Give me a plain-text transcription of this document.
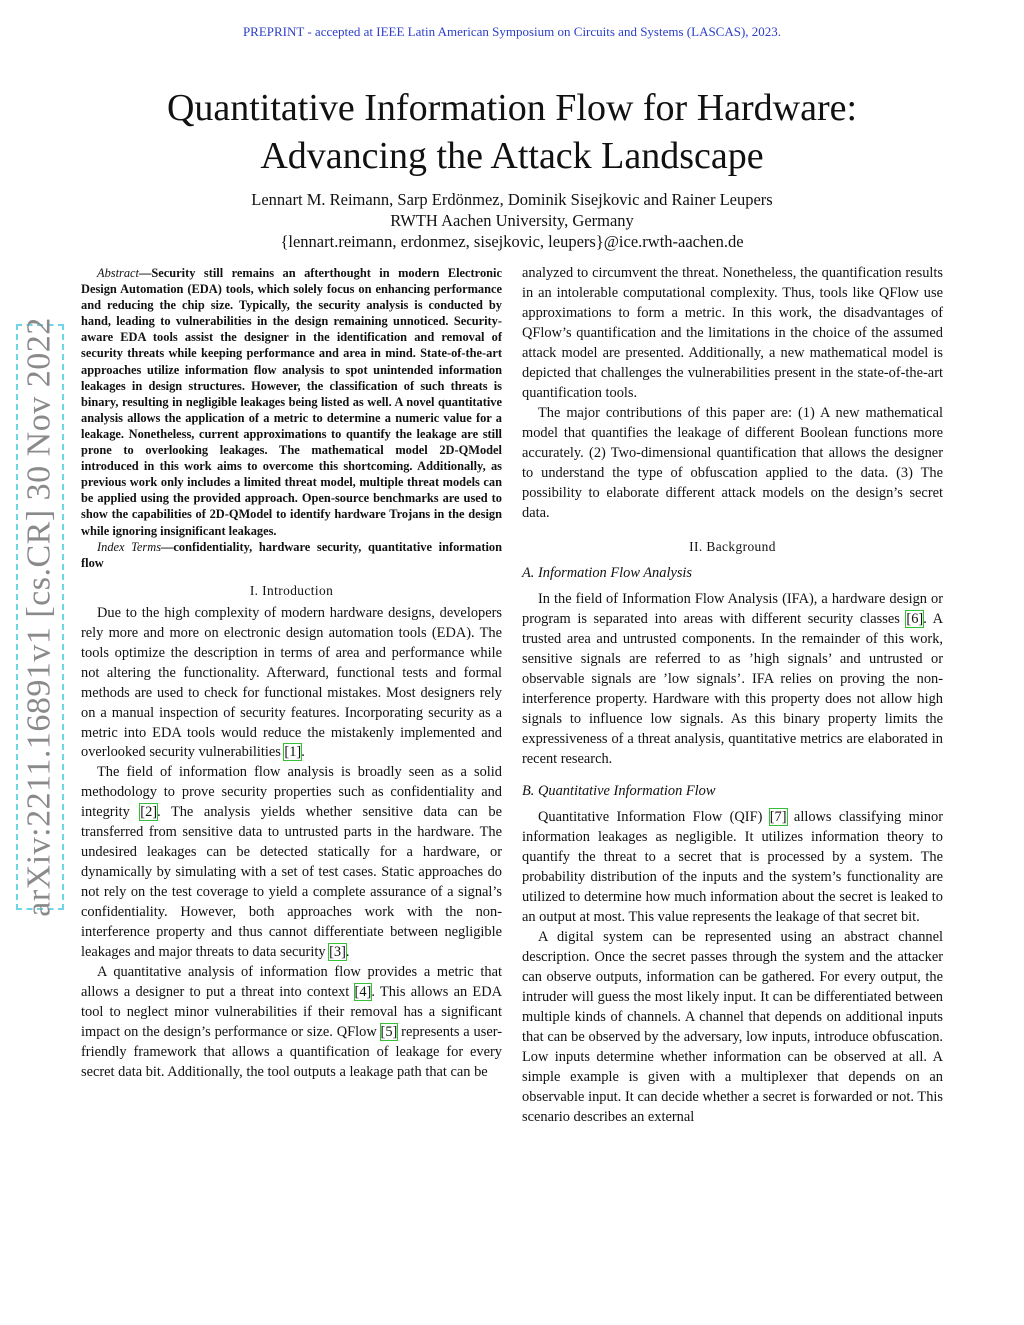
PREPRINT - accepted at IEEE Latin American Symposium on Circuits and Systems (LASCAS), 2023.
arXiv:2211.16891v1 [cs.CR] 30 Nov 2022
Quantitative Information Flow for Hardware:
Advancing the Attack Landscape
Lennart M. Reimann, Sarp Erdönmez, Dominik Sisejkovic and Rainer Leupers
RWTH Aachen University, Germany
{lennart.reimann, erdonmez, sisejkovic, leupers}@ice.rwth-aachen.de

Abstract—Security still remains an afterthought in modern Electronic Design Automation (EDA) tools, which solely focus on enhancing performance and reducing the chip size. Typically, the security analysis is conducted by hand, leading to vulnerabilities in the design remaining unnoticed. Security-aware EDA tools assist the designer in the identification and removal of security threats while keeping performance and area in mind. State-of-the-art approaches utilize information flow analysis to spot unintended information leakages in design structures. However, the classification of such threats is binary, resulting in negligible leakages being listed as well. A novel quantitative analysis allows the application of a metric to determine a numeric value for a leakage. Nonetheless, current approximations to quantify the leakage are still prone to overlooking leakages. The mathematical model 2D-QModel introduced in this work aims to overcome this shortcoming. Additionally, as previous work only includes a limited threat model, multiple threat models can be applied using the provided approach. Open-source benchmarks are used to show the capabilities of 2D-QModel to identify hardware Trojans in the design while ignoring insignificant leakages.

Index Terms—confidentiality, hardware security, quantitative information flow

I. Introduction

Due to the high complexity of modern hardware designs, developers rely more and more on electronic design automation tools (EDA). The tools optimize the description in terms of area and performance while not altering the functionality. Afterward, functional tests and formal methods are used to check for functional mistakes. Most designers rely on a manual inspection of security features. Incorporating security as a metric into EDA tools would reduce the mistakenly implemented and overlooked security vulnerabilities [1].

The field of information flow analysis is broadly seen as a solid methodology to prove security properties such as confidentiality and integrity [2]. The analysis yields whether sensitive data can be transferred from sensitive data to untrusted parts in the hardware. The undesired leakages can be detected statically for a hardware, or dynamically by simulating with a set of test cases. Static approaches do not rely on the test coverage to yield a complete assurance of a signal’s confidentiality. However, both approaches work with the non-interference property and thus cannot differentiate between negligible leakages and major threats to data security [3].

A quantitative analysis of information flow provides a metric that allows a designer to put a threat into context [4]. This allows an EDA tool to neglect minor vulnerabilities if their removal has a significant impact on the design’s performance or size. QFlow [5] represents a user-friendly framework that allows a quantification of leakage for every secret data bit. Additionally, the tool outputs a leakage path that can be

analyzed to circumvent the threat. Nonetheless, the quantification results in an intolerable computational complexity. Thus, tools like QFlow use approximations to form a metric. In this work, the disadvantages of QFlow’s quantification and the limitations in the choice of the assumed attack model are presented. Additionally, a new mathematical model is depicted that challenges the vulnerabilities present in the state-of-the-art quantification tools.

The major contributions of this paper are: (1) A new mathematical model that quantifies the leakage of different Boolean functions more accurately. (2) Two-dimensional quantification that allows the designer to understand the type of obfuscation applied to the data. (3) The possibility to elaborate different attack models on the design’s secret data.

II. Background
A. Information Flow Analysis

In the field of Information Flow Analysis (IFA), a hardware design or program is separated into areas with different security classes [6]. A trusted area and untrusted components. In the remainder of this work, sensitive signals are referred to as ’high signals’ and untrusted or observable signals are ’low signals’. IFA relies on proving the non-interference property. Hardware with this property does not allow high signals to influence low signals. As this binary property limits the expressiveness of a threat analysis, quantitative metrics are elaborated in recent research.

B. Quantitative Information Flow

Quantitative Information Flow (QIF) [7] allows classifying minor information leakages as negligible. It utilizes information theory to quantify the threat to a secret that is processed by a system. The probability distribution of the inputs and the system’s functionality are utilized to determine how much information about the secret is leaked to an output at most. This value represents the leakage of that secret bit.

A digital system can be represented using an abstract channel description. Once the secret passes through the system and the attacker can observe outputs, information can be gathered. For every output, the intruder will guess the most likely input. It can be differentiated between multiple kinds of channels. A channel that depends on additional inputs that can be observed by the adversary, low inputs, introduce obfuscation. Low inputs determine whether information can be observed at all. A simple example is given with a multiplexer that depends on an observable input. It can decide whether a secret is forwarded or not. This scenario describes an external
